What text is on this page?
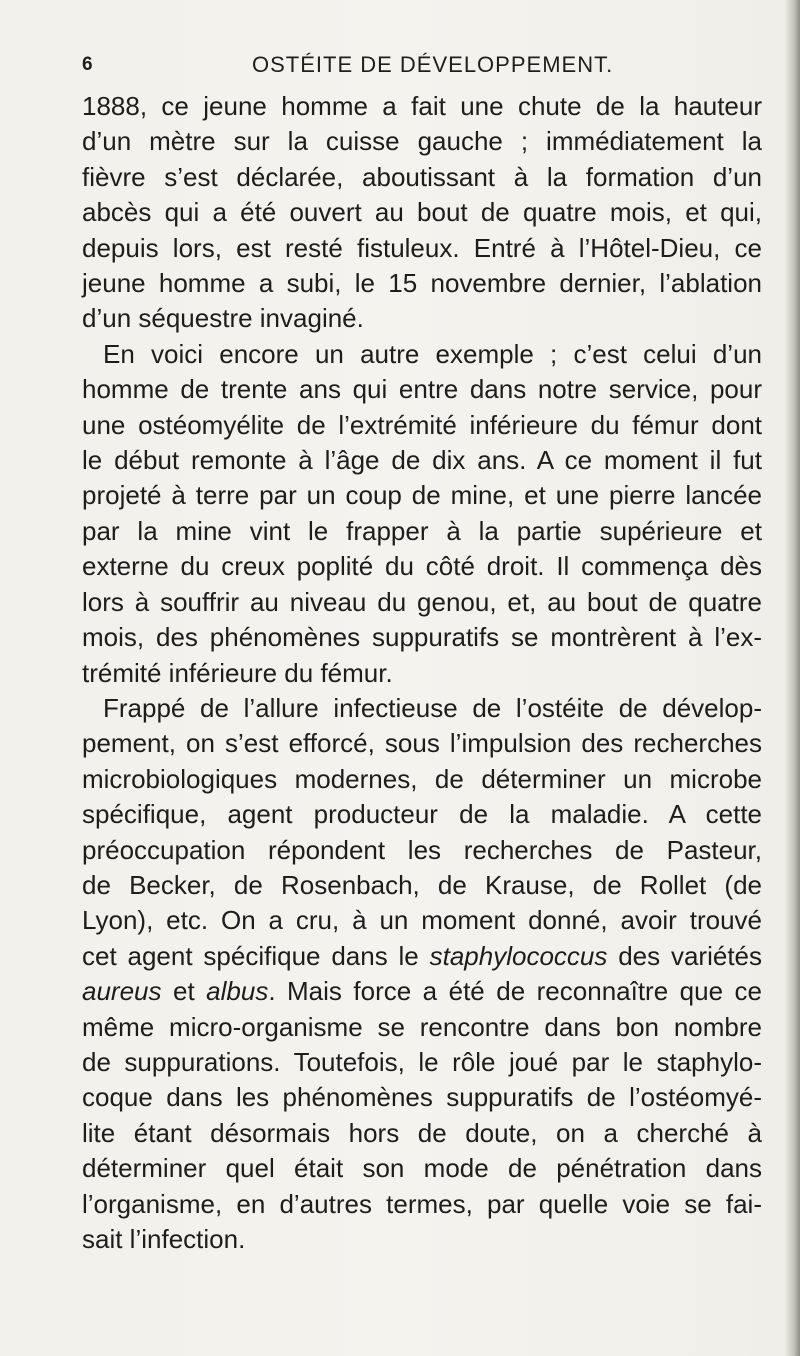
6	OSTÉITE DE DÉVELOPPEMENT.

1888, ce jeune homme a fait une chute de la hauteur
d’un mètre sur la cuisse gauche ; immédiatement la
fièvre s’est déclarée, aboutissant à la formation d’un
abcès qui a été ouvert au bout de quatre mois, et qui,
depuis lors, est resté fistuleux. Entré à l’Hôtel-Dieu, ce
jeune homme a subi, le 15 novembre dernier, l’ablation
d’un séquestre invaginé.

En voici encore un autre exemple ; c’est celui d’un
homme de trente ans qui entre dans notre service, pour
une ostéomyélite de l’extrémité inférieure du fémur dont
le début remonte à l’âge de dix ans. A ce moment il fut
projeté à terre par un coup de mine, et une pierre lancée
par la mine vint le frapper à la partie supérieure et
externe du creux poplité du côté droit. Il commença dès
lors à souffrir au niveau du genou, et, au bout de quatre
mois, des phénomènes suppuratifs se montrèrent à l’ex-
trémité inférieure du fémur.

Frappé de l’allure infectieuse de l’ostéite de dévelop-
pement, on s’est efforcé, sous l’impulsion des recherches
microbiologiques modernes, de déterminer un microbe
spécifique, agent producteur de la maladie. A cette
préoccupation répondent les recherches de Pasteur,
de Becker, de Rosenbach, de Krause, de Rollet (de
Lyon), etc. On a cru, à un moment donné, avoir trouvé
cet agent spécifique dans le staphylococcus des variétés
aureus et albus. Mais force a été de reconnaître que ce
même micro-organisme se rencontre dans bon nombre
de suppurations. Toutefois, le rôle joué par le staphylo-
coque dans les phénomènes suppuratifs de l’ostéomyé-
lite étant désormais hors de doute, on a cherché à
déterminer quel était son mode de pénétration dans
l’organisme, en d’autres termes, par quelle voie se fai-
sait l’infection.
